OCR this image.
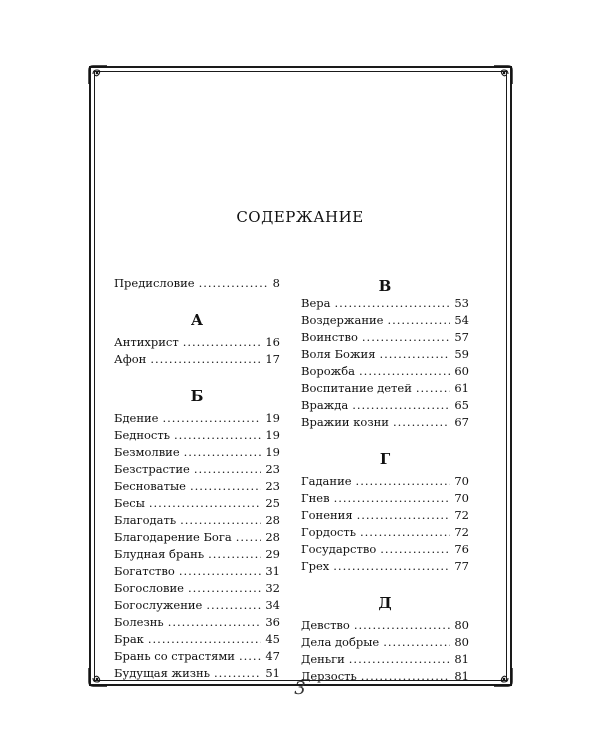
СОДЕРЖАНИЕ
Предисловие .....	8
А
Антихрист .....	16
Афон .....	17
Б
Бдение .....	19
Бедность .....	19
Безмолвие .....	19
Безстрастие .....	23
Бесноватые .....	23
Бесы .....	25
Благодать .....	28
Благодарение Бога .....	28
Блудная брань .....	29
Богатство .....	31
Богословие .....	32
Богослужение .....	34
Болезнь .....	36
Брак .....	45
Брань со страстями .....	47
Будущая жизнь .....	51
В
Вера .....	53
Воздержание .....	54
Воинство .....	57
Воля Божия .....	59
Ворожба .....	60
Воспитание детей .....	61
Вражда .....	65
Вражии козни .....	67
Г
Гадание .....	70
Гнев .....	70
Гонения .....	72
Гордость .....	72
Государство .....	76
Грех .....	77
Д
Девство .....	80
Дела добрые .....	80
Деньги .....	81
Дерзость .....	81
3
